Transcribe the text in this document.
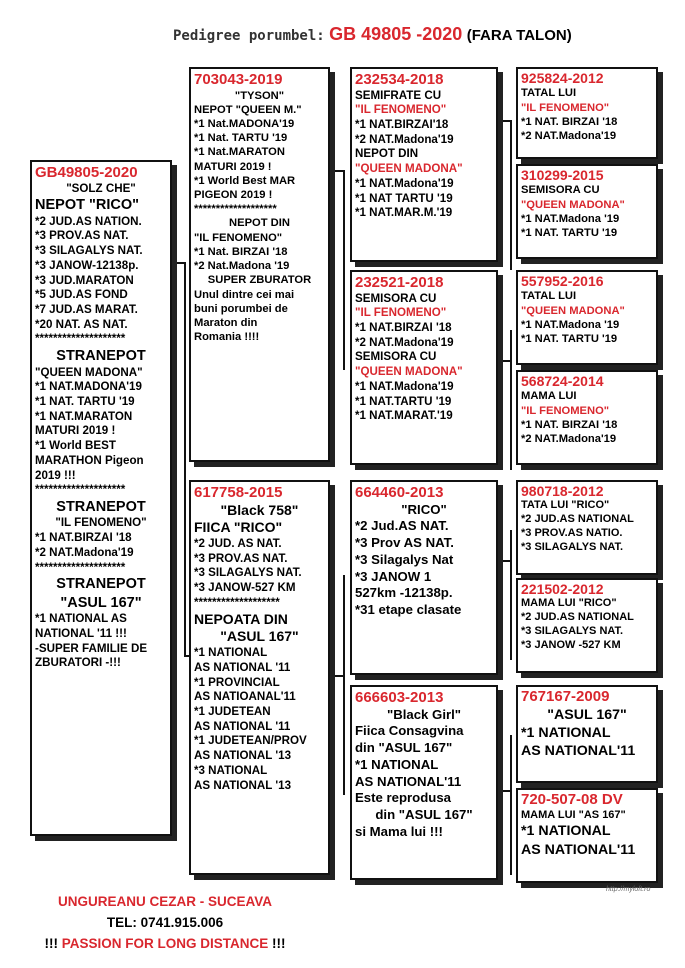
Pedigree porumbel: GB 49805 -2020 (FARA TALON)
GB49805-2020
"SOLZ CHE"
NEPOT "RICO"
*2 JUD.AS NATION.
*3 PROV.AS NAT.
*3 SILAGALYS NAT.
*3 JANOW-12138p.
*3 JUD.MARATON
*5 JUD.AS FOND
*7 JUD.AS MARAT.
*20 NAT. AS NAT.
********************
STRANEPOT
"QUEEN MADONA"
*1 NAT.MADONA'19
*1 NAT. TARTU '19
*1 NAT.MARATON
MATURI 2019 !
*1 World BEST
MARATHON Pigeon
2019 !!!
********************
STRANEPOT
"IL FENOMENO"
*1 NAT.BIRZAI '18
*2 NAT.Madona'19
********************
STRANEPOT
"ASUL 167"
*1 NATIONAL AS
NATIONAL '11 !!!
-SUPER FAMILIE DE
ZBURATORI -!!!
703043-2019
"TYSON"
NEPOT "QUEEN M."
*1 Nat.MADONA'19
*1 Nat. TARTU '19
*1 Nat.MARATON
MATURI 2019 !
*1 World Best MAR
PIGEON 2019 !
*******************
NEPOT DIN
"IL FENOMENO"
*1 Nat. BIRZAI '18
*2 Nat.Madona '19
SUPER ZBURATOR
Unul dintre cei mai
buni porumbei de
Maraton din
Romania !!!!
617758-2015
"Black 758"
FIICA "RICO"
*2 JUD. AS NAT.
*3 PROV.AS NAT.
*3 SILAGALYS NAT.
*3 JANOW-527 KM
*******************
NEPOATA DIN
"ASUL 167"
*1 NATIONAL
AS NATIONAL '11
*1 PROVINCIAL
AS NATIOANAL'11
*1 JUDETEAN
AS NATIONAL '11
*1 JUDETEAN/PROV
AS NATIONAL '13
*3 NATIONAL
AS NATIONAL '13
232534-2018
SEMIFRATE CU
"IL FENOMENO"
*1 NAT.BIRZAI'18
*2 NAT.Madona'19
NEPOT DIN
"QUEEN MADONA"
*1 NAT.Madona'19
*1 NAT TARTU '19
*1 NAT.MAR.M.'19
232521-2018
SEMISORA CU
"IL FENOMENO"
*1 NAT.BIRZAI '18
*2 NAT.Madona'19
SEMISORA CU
"QUEEN MADONA"
*1 NAT.Madona'19
*1 NAT.TARTU '19
*1 NAT.MARAT.'19
664460-2013
"RICO"
*2 Jud.AS NAT.
*3 Prov AS NAT.
*3 Silagalys Nat
*3 JANOW 1
527km -12138p.
*31 etape clasate
666603-2013
"Black Girl"
Fiica Consagvina
din "ASUL 167"
*1 NATIONAL
AS NATIONAL'11
Este reprodusa
din "ASUL 167"
si Mama lui !!!
925824-2012
TATAL LUI
"IL FENOMENO"
*1 NAT. BIRZAI '18
*2 NAT.Madona'19
310299-2015
SEMISORA CU
"QUEEN MADONA"
*1 NAT.Madona '19
*1 NAT. TARTU '19
557952-2016
TATAL LUI
"QUEEN MADONA"
*1 NAT.Madona '19
*1 NAT. TARTU '19
568724-2014
MAMA LUI
"IL FENOMENO"
*1 NAT. BIRZAI '18
*2 NAT.Madona'19
980718-2012
TATA LUI "RICO"
*2 JUD.AS NATIONAL
*3 PROV.AS NATIO.
*3 SILAGALYS NAT.
221502-2012
MAMA LUI "RICO"
*2 JUD.AS NATIONAL
*3 SILAGALYS NAT.
*3 JANOW -527 KM
767167-2009
"ASUL 167"
*1 NATIONAL
AS NATIONAL'11
720-507-08 DV
MAMA LUI "AS 167"
*1 NATIONAL
AS NATIONAL'11
http://myloft.ro
UNGUREANU CEZAR - SUCEAVA
TEL: 0741.915.006
!!! PASSION FOR LONG DISTANCE !!!
